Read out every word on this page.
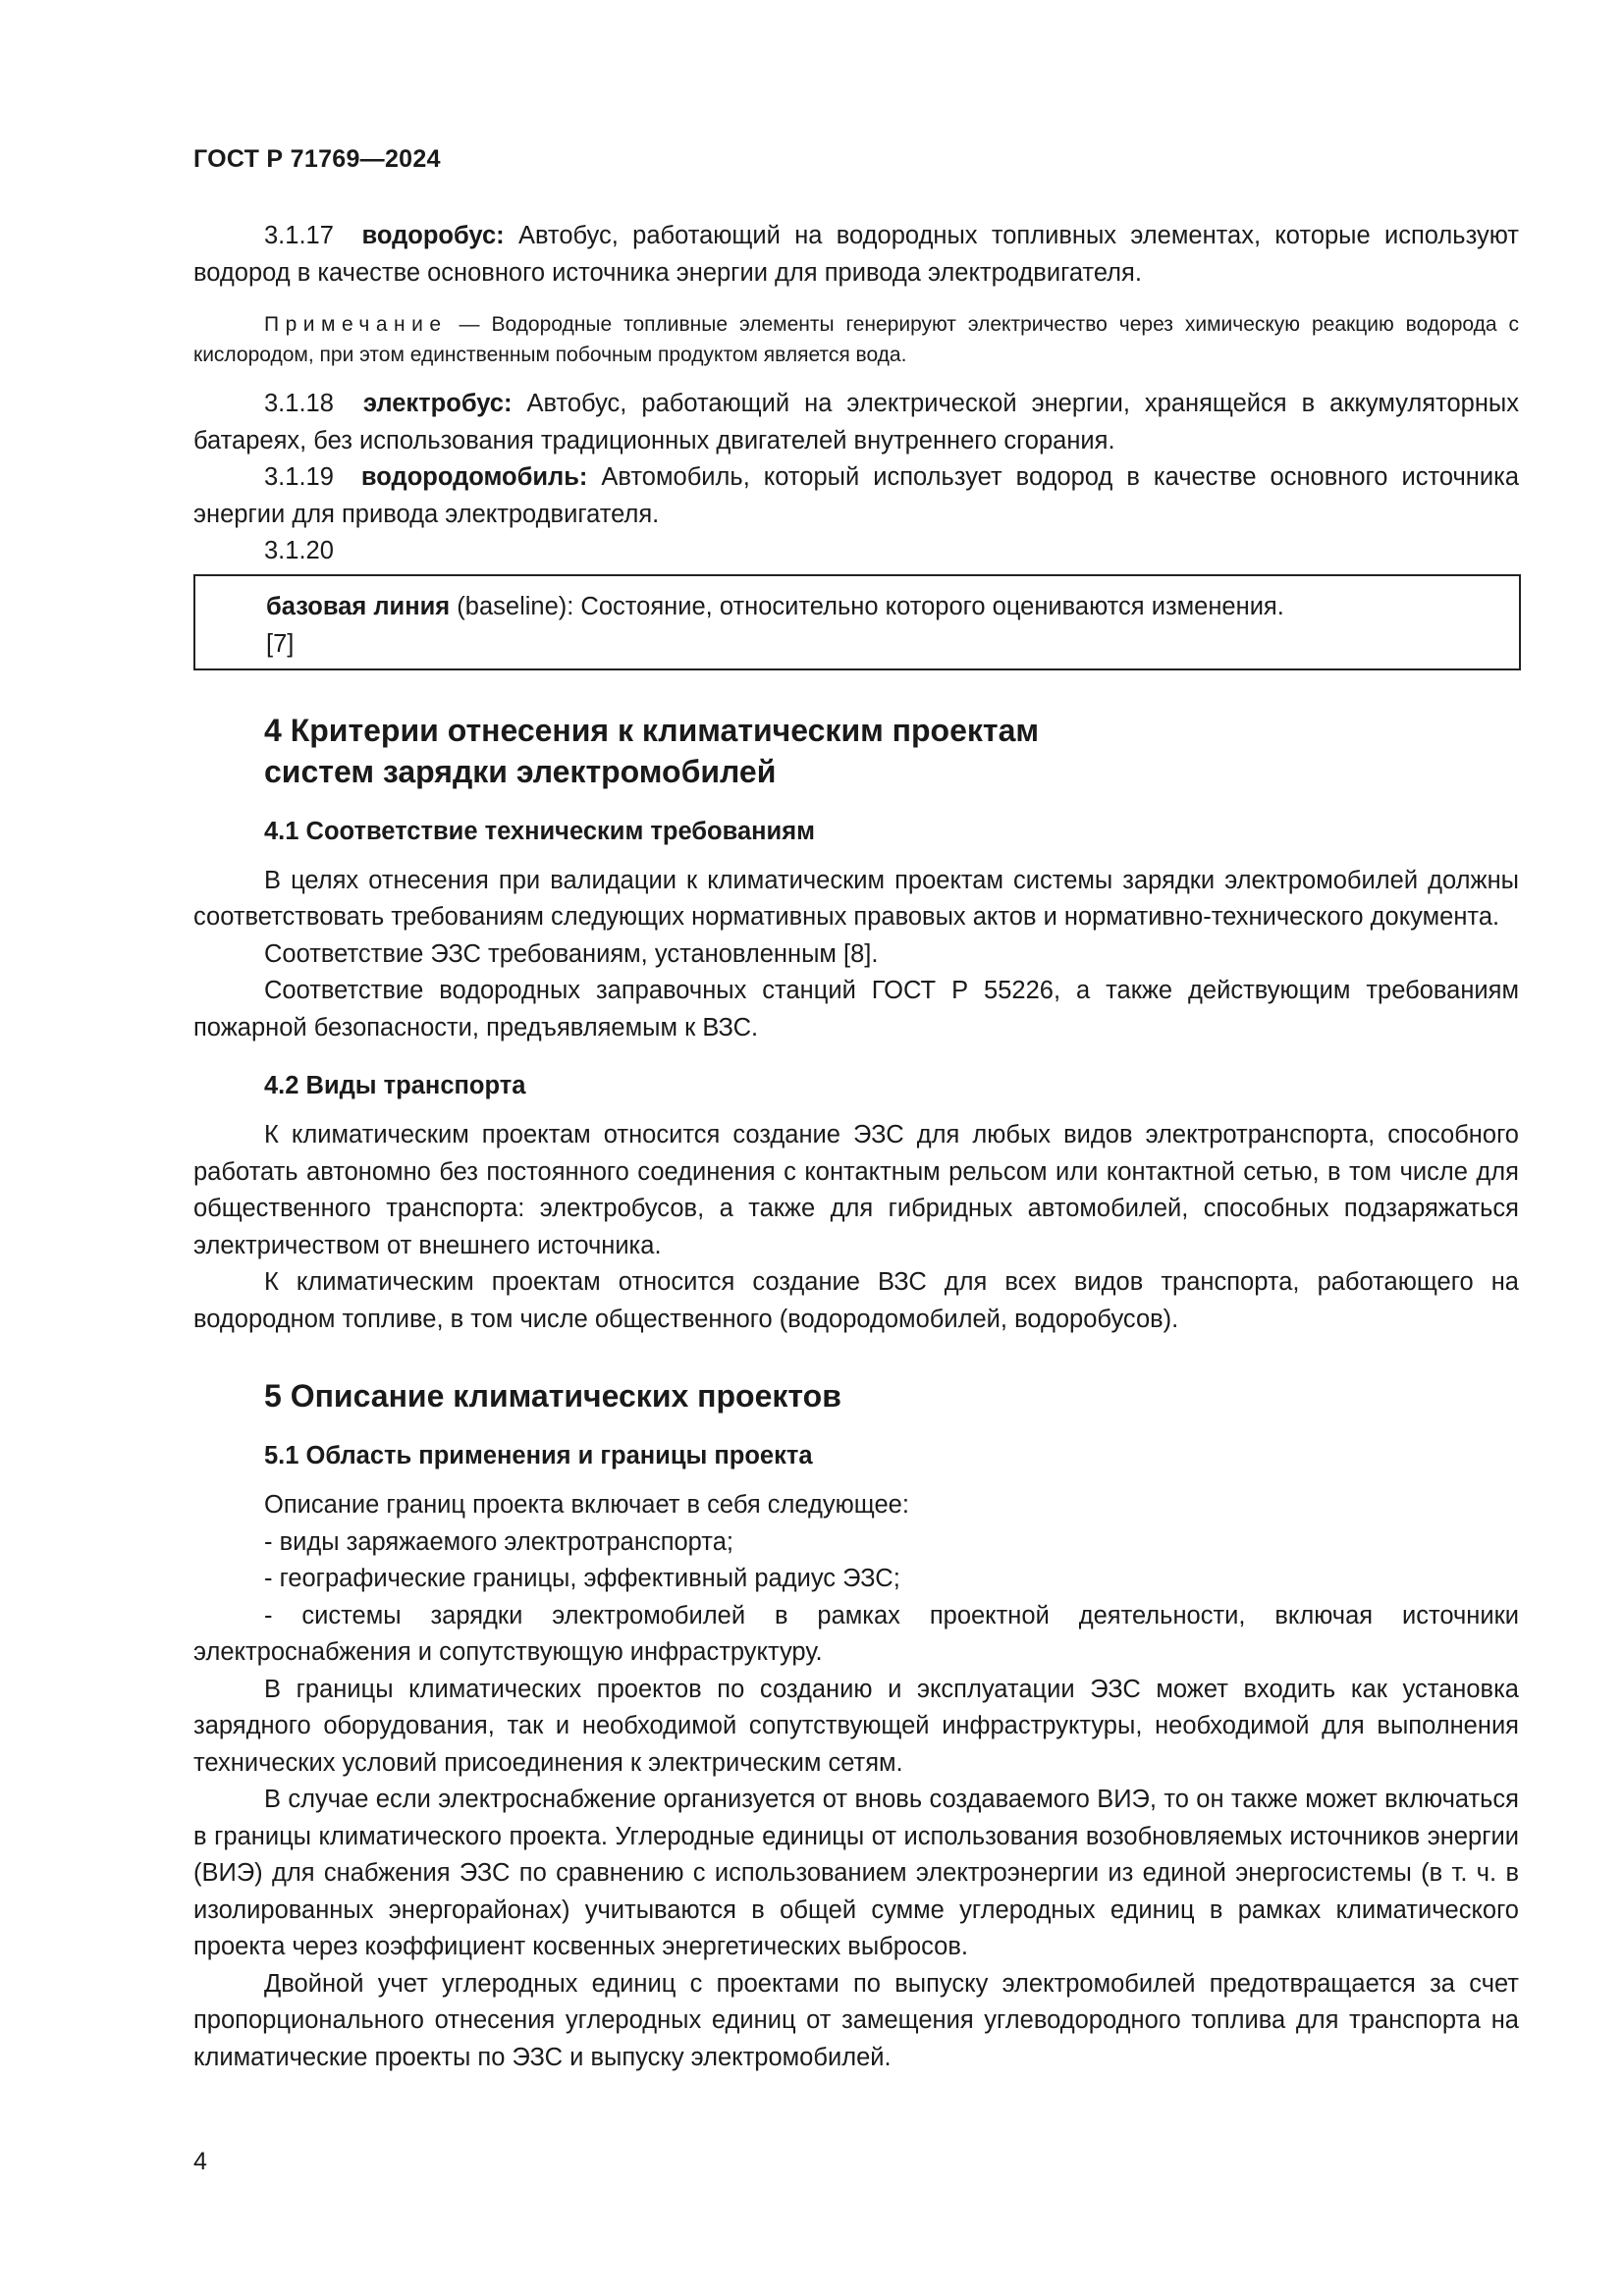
ГОСТ Р 71769—2024

3.1.17 водоробус: Автобус, работающий на водородных топливных элементах, которые используют водород в качестве основного источника энергии для привода электродвигателя.

Примечание — Водородные топливные элементы генерируют электричество через химическую реакцию водорода с кислородом, при этом единственным побочным продуктом является вода.

3.1.18 электробус: Автобус, работающий на электрической энергии, хранящейся в аккумуляторных батареях, без использования традиционных двигателей внутреннего сгорания.

3.1.19 водородомобиль: Автомобиль, который использует водород в качестве основного источника энергии для привода электродвигателя.

3.1.20

базовая линия (baseline): Состояние, относительно которого оцениваются изменения.
[7]
4 Критерии отнесения к климатическим проектам
систем зарядки электромобилей
4.1 Соответствие техническим требованиям

В целях отнесения при валидации к климатическим проектам системы зарядки электромобилей должны соответствовать требованиям следующих нормативных правовых актов и нормативно-технического документа.

Соответствие ЭЗС требованиям, установленным [8].

Соответствие водородных заправочных станций ГОСТ Р 55226, а также действующим требованиям пожарной безопасности, предъявляемым к ВЗС.

4.2 Виды транспорта

К климатическим проектам относится создание ЭЗС для любых видов электротранспорта, способного работать автономно без постоянного соединения с контактным рельсом или контактной сетью, в том числе для общественного транспорта: электробусов, а также для гибридных автомобилей, способных подзаряжаться электричеством от внешнего источника.

К климатическим проектам относится создание ВЗС для всех видов транспорта, работающего на водородном топливе, в том числе общественного (водородомобилей, водоробусов).

5 Описание климатических проектов
5.1 Область применения и границы проекта

Описание границ проекта включает в себя следующее:

- виды заряжаемого электротранспорта;

- географические границы, эффективный радиус ЭЗС;

- системы зарядки электромобилей в рамках проектной деятельности, включая источники электроснабжения и сопутствующую инфраструктуру.

В границы климатических проектов по созданию и эксплуатации ЭЗС может входить как установка зарядного оборудования, так и необходимой сопутствующей инфраструктуры, необходимой для выполнения технических условий присоединения к электрическим сетям.

В случае если электроснабжение организуется от вновь создаваемого ВИЭ, то он также может включаться в границы климатического проекта. Углеродные единицы от использования возобновляемых источников энергии (ВИЭ) для снабжения ЭЗС по сравнению с использованием электроэнергии из единой энергосистемы (в т. ч. в изолированных энергорайонах) учитываются в общей сумме углеродных единиц в рамках климатического проекта через коэффициент косвенных энергетических выбросов.

Двойной учет углеродных единиц с проектами по выпуску электромобилей предотвращается за счет пропорционального отнесения углеродных единиц от замещения углеводородного топлива для транспорта на климатические проекты по ЭЗС и выпуску электромобилей.

4
